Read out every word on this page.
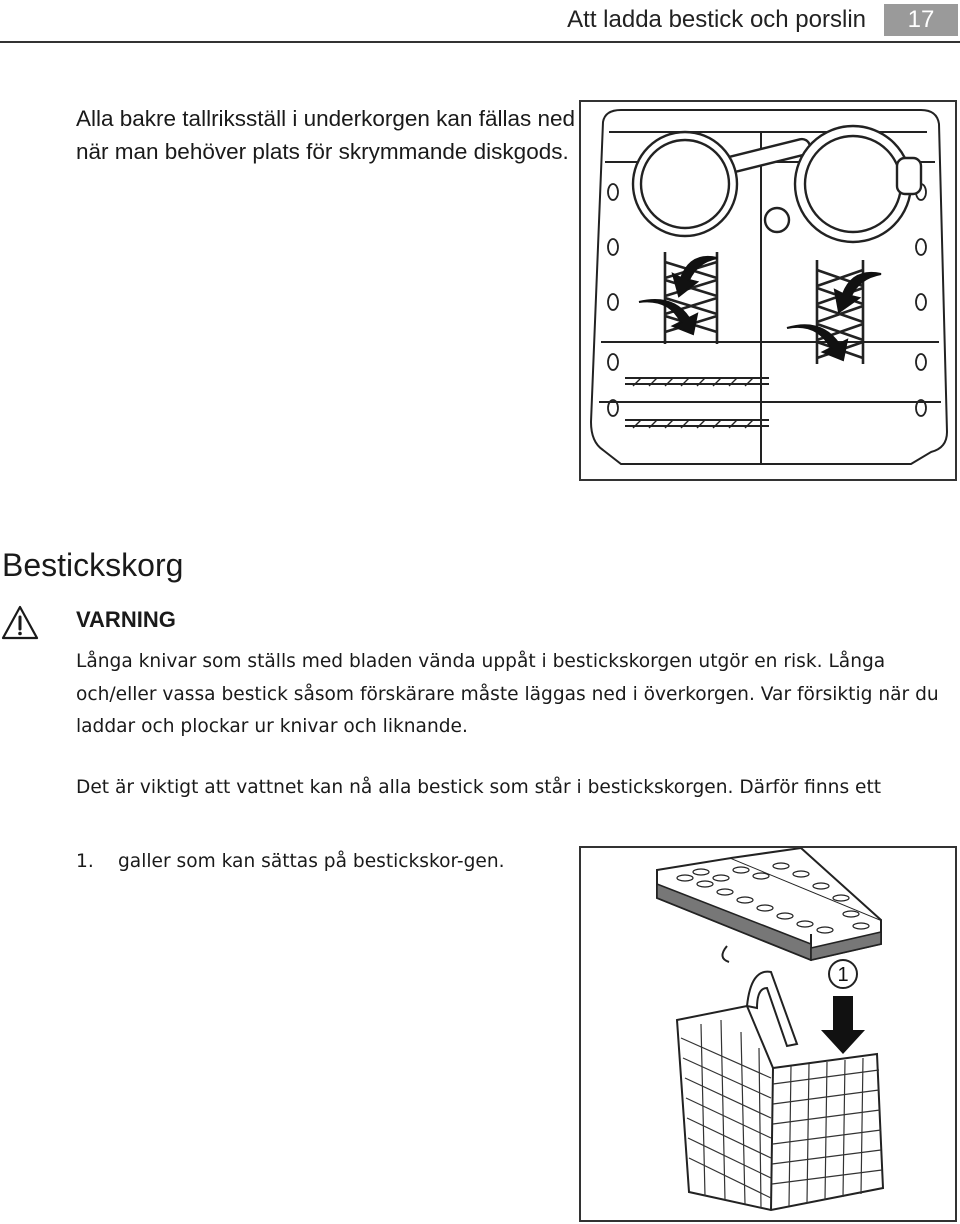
Att ladda bestick och porslin	17

Alla bakre tallriksställ i underkorgen kan fällas ned när man behöver plats för skrymmande diskgods.

Bestickskorg
VARNING

Långa knivar som ställs med bladen vända uppåt i bestickskorgen utgör en risk. Långa och/eller vassa bestick såsom förskärare måste läggas ned i överkorgen. Var försiktig när du laddar och plockar ur knivar och liknande.

Det är viktigt att vattnet kan nå alla bestick som står i bestickskorgen. Därför finns ett

1. galler som kan sättas på bestickskor-gen.
1
